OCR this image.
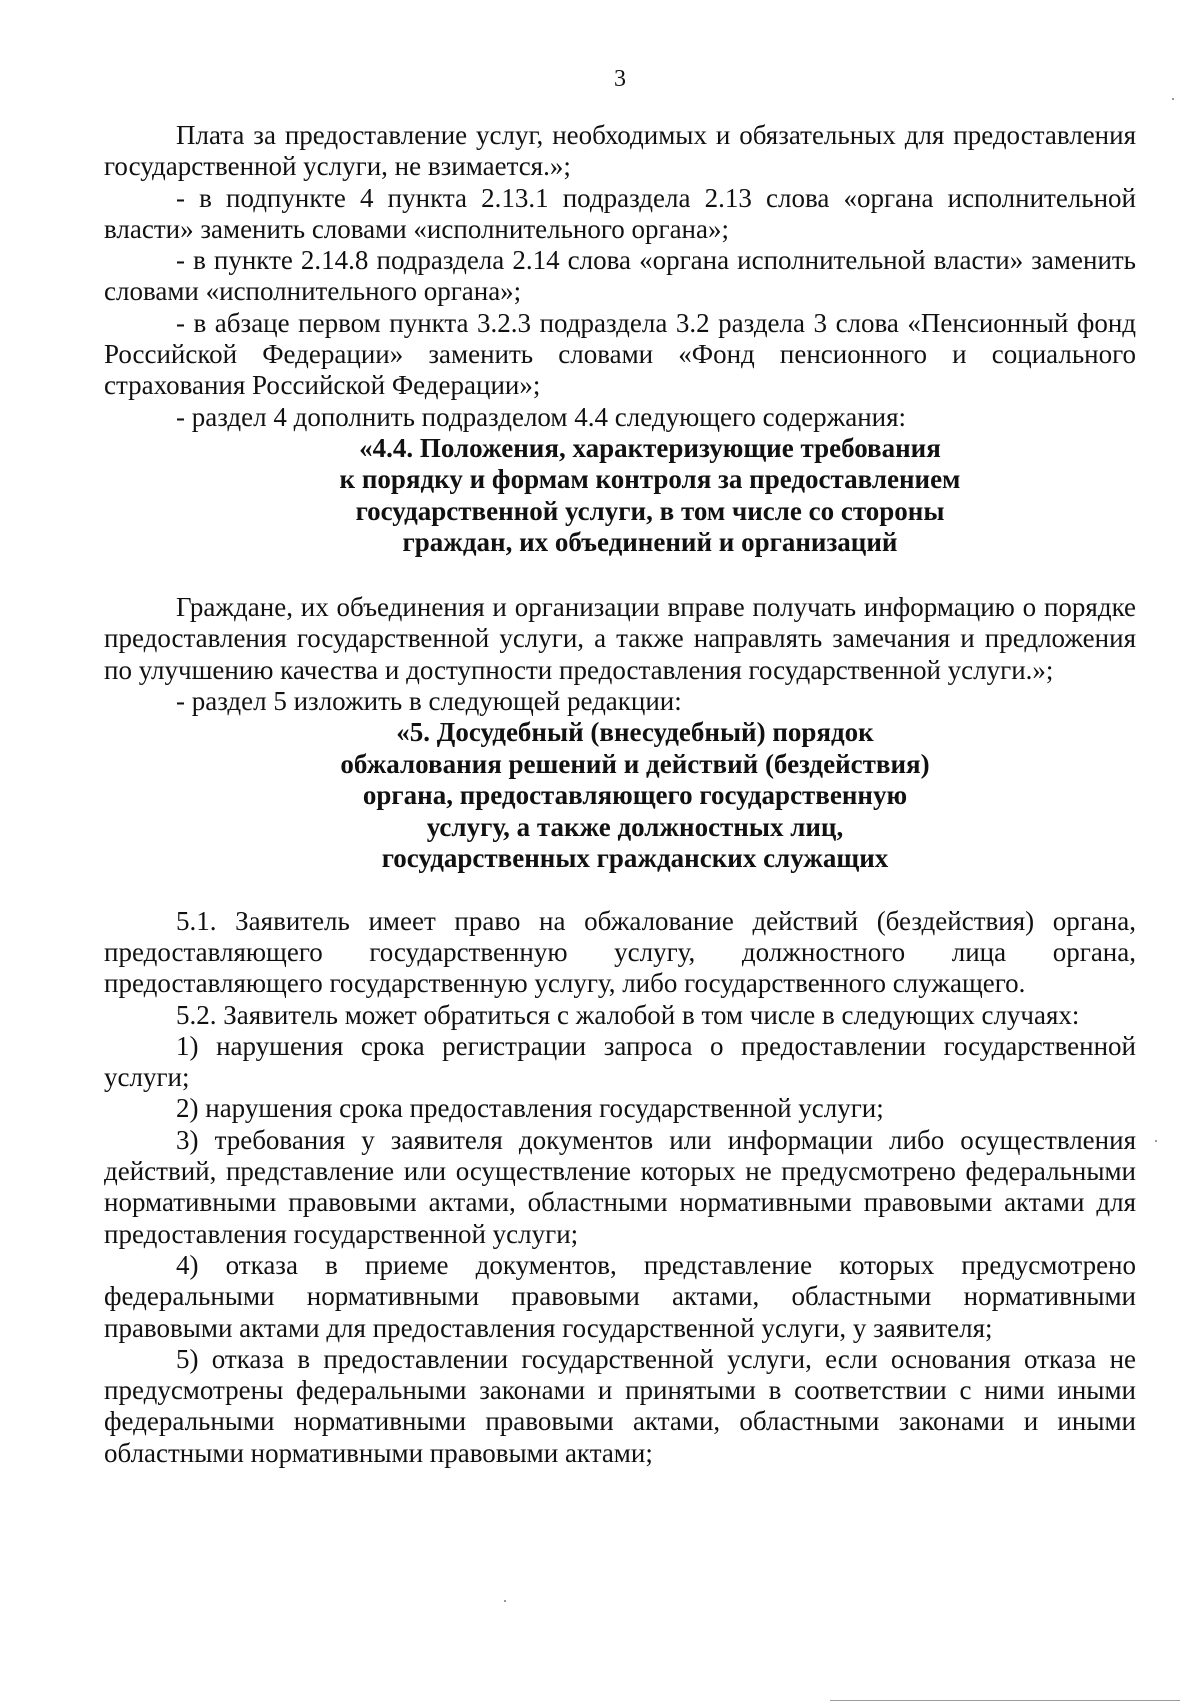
3

Плата за предоставление услуг, необходимых и обязательных для предоставления государственной услуги, не взимается.»;

- в подпункте 4 пункта 2.13.1 подраздела 2.13 слова «органа исполнительной власти» заменить словами «исполнительного органа»;

- в пункте 2.14.8 подраздела 2.14 слова «органа исполнительной власти» заменить словами «исполнительного органа»;

- в абзаце первом пункта 3.2.3 подраздела 3.2 раздела 3 слова «Пенсионный фонд Российской Федерации» заменить словами «Фонд пенсионного и социального страхования Российской Федерации»;

- раздел 4 дополнить подразделом 4.4 следующего содержания:

«4.4. Положения, характеризующие требования
к порядку и формам контроля за предоставлением
государственной услуги, в том числе со стороны
граждан, их объединений и организаций

Граждане, их объединения и организации вправе получать информацию о порядке предоставления государственной услуги, а также направлять замечания и предложения по улучшению качества и доступности предоставления государственной услуги.»;

- раздел 5 изложить в следующей редакции:

«5. Досудебный (внесудебный) порядок
обжалования решений и действий (бездействия)
органа, предоставляющего государственную
услугу, а также должностных лиц,
государственных гражданских служащих

5.1. Заявитель имеет право на обжалование действий (бездействия) органа, предоставляющего государственную услугу, должностного лица органа, предоставляющего государственную услугу, либо государственного служащего.

5.2. Заявитель может обратиться с жалобой в том числе в следующих случаях:

1) нарушения срока регистрации запроса о предоставлении государственной услуги;

2) нарушения срока предоставления государственной услуги;

3) требования у заявителя документов или информации либо осуществления действий, представление или осуществление которых не предусмотрено федеральными нормативными правовыми актами, областными нормативными правовыми актами для предоставления государственной услуги;

4) отказа в приеме документов, представление которых предусмотрено федеральными нормативными правовыми актами, областными нормативными правовыми актами для предоставления государственной услуги, у заявителя;

5) отказа в предоставлении государственной услуги, если основания отказа не предусмотрены федеральными законами и принятыми в соответствии с ними иными федеральными нормативными правовыми актами, областными законами и иными областными нормативными правовыми актами;
